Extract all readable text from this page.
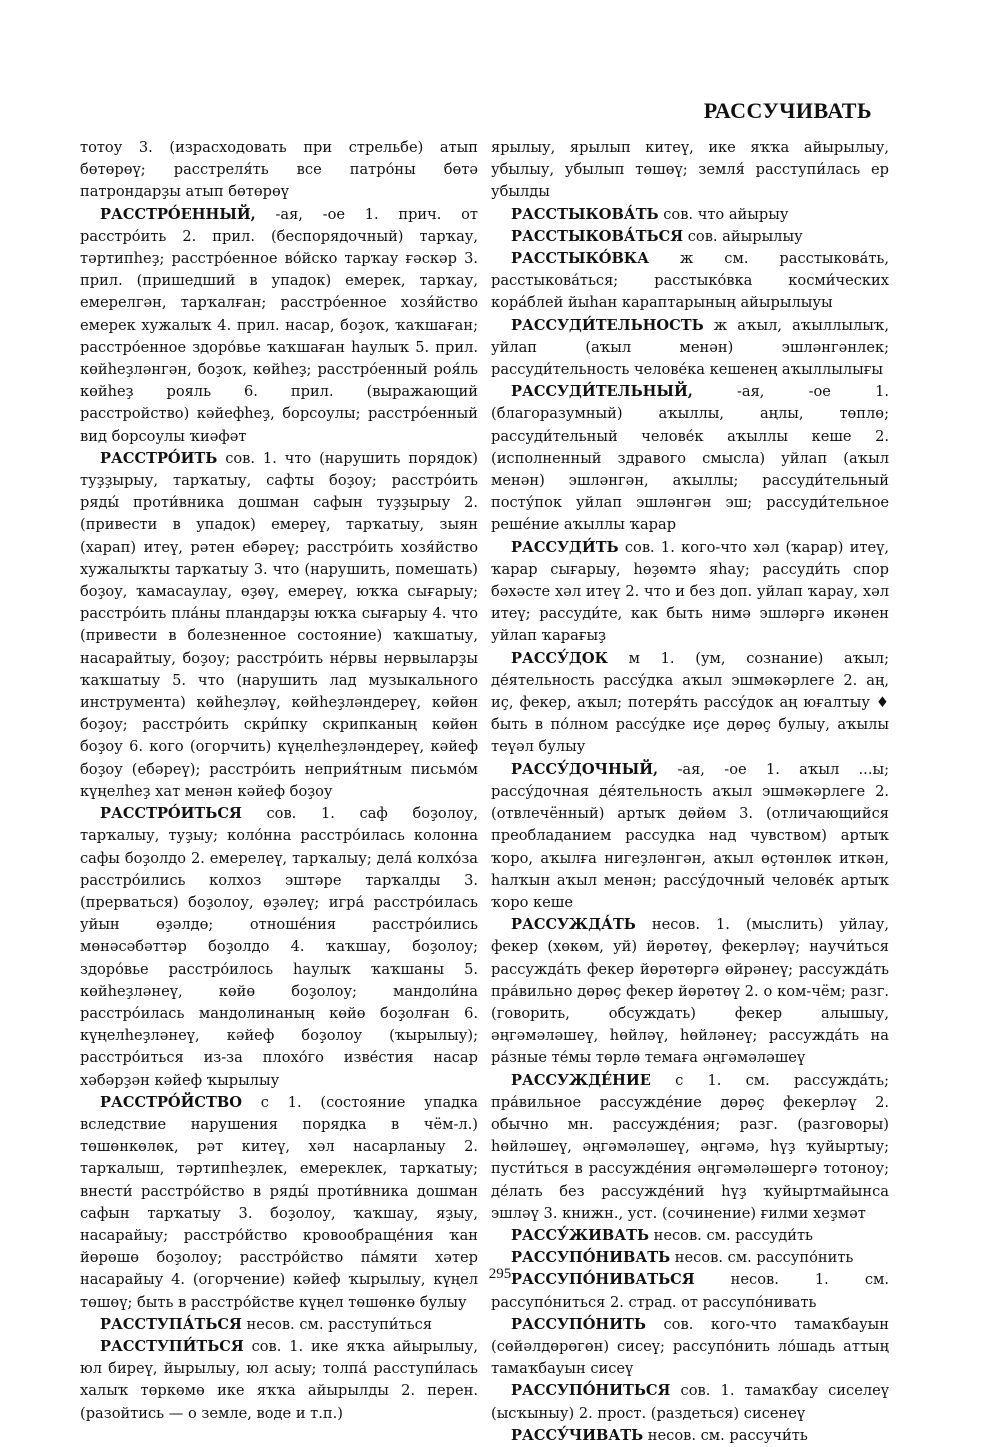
РАССУЧИВАТЬ

тотоу 3. (израсходовать при стрельбе) атып бөтөрөү; расстреля́ть все патро́ны бөтә патрондарҙы атып бөтөрөү

РАССТРО́ЕННЫЙ, -ая, -ое 1. прич. от расстро́ить 2. прил. (беспорядочный) тарҡау, тәртипһеҙ; расстро́енное во́йско тарҡау ғәскәр 3. прил. (пришедший в упадок) емерек, тарҡау, емерелгән, тарҡалған; расстро́енное хозя́йство емерек хужалыҡ 4. прил. насар, боҙоҡ, ҡаҡшаған; расстро́енное здоро́вье ҡаҡшаған һаулыҡ 5. прил. көйһеҙләнгән, боҙоҡ, көйһеҙ; расстро́енный роя́ль көйһеҙ рояль 6. прил. (выражающий расстройство) кәйефһеҙ, борсоулы; расстро́енный вид борсоулы ҡиәфәт

РАССТРО́ИТЬ сов. 1. что (нарушить порядок) туҙҙырыу, тарҡатыу, сафты боҙоу; расстро́ить ряды́ проти́вника дошман сафын туҙҙырыу 2. (привести в упадок) емереү, тарҡатыу, зыян (харап) итеү, рәтен ебәреү; расстро́ить хозя́йство хужалыҡты тарҡатыу 3. что (нарушить, помешать) боҙоу, ҡамасаулау, өҙөү, емереү, юҡҡа сығарыу; расстро́ить пла́ны пландарҙы юҡҡа сығарыу 4. что (привести в болезненное состояние) ҡаҡшатыу, насарайтыу, боҙоу; расстро́ить не́рвы нервыларҙы ҡаҡшатыу 5. что (нарушить лад музыкального инструмента) көйһеҙләү, көйһеҙләндереү, көйөн боҙоу; расстро́ить скри́пку скрипканың көйөн боҙоу 6. кого (огорчить) күңелһеҙләндереү, кәйеф боҙоу (ебәреү); расстро́ить неприя́тным письмо́м күңелһеҙ хат менән кәйеф боҙоу

РАССТРО́ИТЬСЯ сов. 1. саф боҙолоу, тарҡалыу, туҙыу; коло́нна расстро́илась колонна сафы боҙолдо 2. емерелеү, тарҡалыу; дела́ колхо́за расстро́ились колхоз эштәре тарҡалды 3. (прерваться) боҙолоу, өҙәлеү; игра́ расстро́илась уйын өҙәлдө; отноше́ния расстро́ились мөнәсәбәттәр боҙолдо 4. ҡаҡшау, боҙолоу; здоро́вье расстро́илось һаулыҡ ҡаҡшаны 5. көйһеҙләнеү, көйө боҙолоу; мандоли́на расстро́илась мандолинаның көйө боҙолған 6. күңелһеҙләнеү, кәйеф боҙолоу (ҡырылыу); расстро́иться из-за плохо́го изве́стия насар хәбәрҙән кәйеф ҡырылыу

РАССТРО́ЙСТВО с 1. (состояние упадка вследствие нарушения порядка в чём-л.) төшөнкөлөк, рәт китеү, хәл насарланыу 2. тарҡалыш, тәртипһеҙлек, емереклек, тарҡатыу; внести́ расстро́йство в ряды́ проти́вника дошман сафын тарҡатыу 3. боҙолоу, ҡаҡшау, яҙыу, насарайыу; расстро́йство кровообраще́ния ҡан йөрөшө боҙолоу; расстро́йство па́мяти хәтер насарайыу 4. (огорчение) кәйеф ҡырылыу, күңел төшөү; быть в расстро́йстве күңел төшөнкө булыу

РАССТУПА́ТЬСЯ несов. см. расступи́ться

РАССТУПИ́ТЬСЯ сов. 1. ике яҡҡа айырылыу, юл биреү, йырылыу, юл асыу; толпа́ расступи́лась халыҡ төркөмө ике яҡҡа айырылды 2. перен. (разойтись — о земле, воде и т.п.)

ярылыу, ярылып китеү, ике яҡҡа айырылыу, убылыу, убылып төшөү; земля́ расступи́лась ер убылды

РАССТЫКОВА́ТЬ сов. что айырыу

РАССТЫКОВА́ТЬСЯ сов. айырылыу

РАССТЫКО́ВКА ж см. расстыкова́ть, расстыкова́ться; расстыко́вка косми́ческих кора́блей йыһан караптарының айырылыуы

РАССУДИ́ТЕЛЬНОСТЬ ж аҡыл, аҡыллылыҡ, уйлап (аҡыл менән) эшләнгәнлек; рассуди́тельность челове́ка кешенең аҡыллылығы

РАССУДИ́ТЕЛЬНЫЙ, -ая, -ое 1. (благоразумный) аҡыллы, аңлы, төплө; рассуди́тельный челове́к аҡыллы кеше 2. (исполненный здравого смысла) уйлап (аҡыл менән) эшләнгән, аҡыллы; рассуди́тельный посту́пок уйлап эшләнгән эш; рассуди́тельное реше́ние аҡыллы ҡарар

РАССУДИ́ТЬ сов. 1. кого-что хәл (ҡарар) итеү, ҡарар сығарыу, һөҙөмтә яһау; рассуди́ть спор бәхәсте хәл итеү 2. что и без доп. уйлап ҡарау, хәл итеү; рассуди́те, как быть нимә эшләргә икәнен уйлап ҡарағыҙ

РАССУ́ДОК м 1. (ум, сознание) аҡыл; де́ятельность рассу́дка аҡыл эшмәкәрлеге 2. аң, иҫ, фекер, аҡыл; потеря́ть рассу́док аң юғалтыу ♦ быть в по́лном рассу́дке иҫе дөрөҫ булыу, аҡылы теүәл булыу

РАССУ́ДОЧНЫЙ, -ая, -ое 1. аҡыл ...ы; рассу́дочная де́ятельность аҡыл эшмәкәрлеге 2. (отвлечённый) артыҡ дөйөм 3. (отличающийся преобладанием рассудка над чувством) артыҡ ҡоро, аҡылға нигеҙләнгән, аҡыл өҫтөнлөк иткән, һалҡын аҡыл менән; рассу́дочный челове́к артыҡ ҡоро кеше

РАССУЖДА́ТЬ несов. 1. (мыслить) уйлау, фекер (хөкөм, уй) йөрөтөү, фекерләү; научи́ться рассужда́ть фекер йөрөтөргә өйрәнеү; рассужда́ть пра́вильно дөрөҫ фекер йөрөтөү 2. о ком-чём; разг. (говорить, обсуждать) фекер алышыу, әңгәмәләшеү, һөйләү, һөйләнеү; рассужда́ть на ра́зные те́мы төрлө темаға әңгәмәләшеү

РАССУЖДЕ́НИЕ с 1. см. рассужда́ть; пра́вильное рассужде́ние дөрөҫ фекерләү 2. обычно мн. рассужде́ния; разг. (разговоры) һөйләшеү, әңгәмәләшеү, әңгәмә, һүҙ ҡуйыртыу; пусти́ться в рассужде́ния әңгәмәләшергә тотоноу; де́лать без рассужде́ний һүҙ ҡуйыртмайынса эшләү 3. книжн., уст. (сочинение) ғилми хеҙмәт

РАССУ́ЖИВАТЬ несов. см. рассуди́ть

РАССУПО́НИВАТЬ несов. см. рассупо́нить

РАССУПО́НИВАТЬСЯ несов. 1. см. рассупо́ниться 2. страд. от рассупо́нивать

РАССУПО́НИТЬ сов. кого-что тамаҡбауын (сөйәлдөрөгөн) сисеү; рассупо́нить ло́шадь аттың тамаҡбауын сисеү

РАССУПО́НИТЬСЯ сов. 1. тамаҡбау сиселеү (ысҡыныу) 2. прост. (раздеться) сисенеү

РАССУ́ЧИВАТЬ несов. см. рассучи́ть

295
